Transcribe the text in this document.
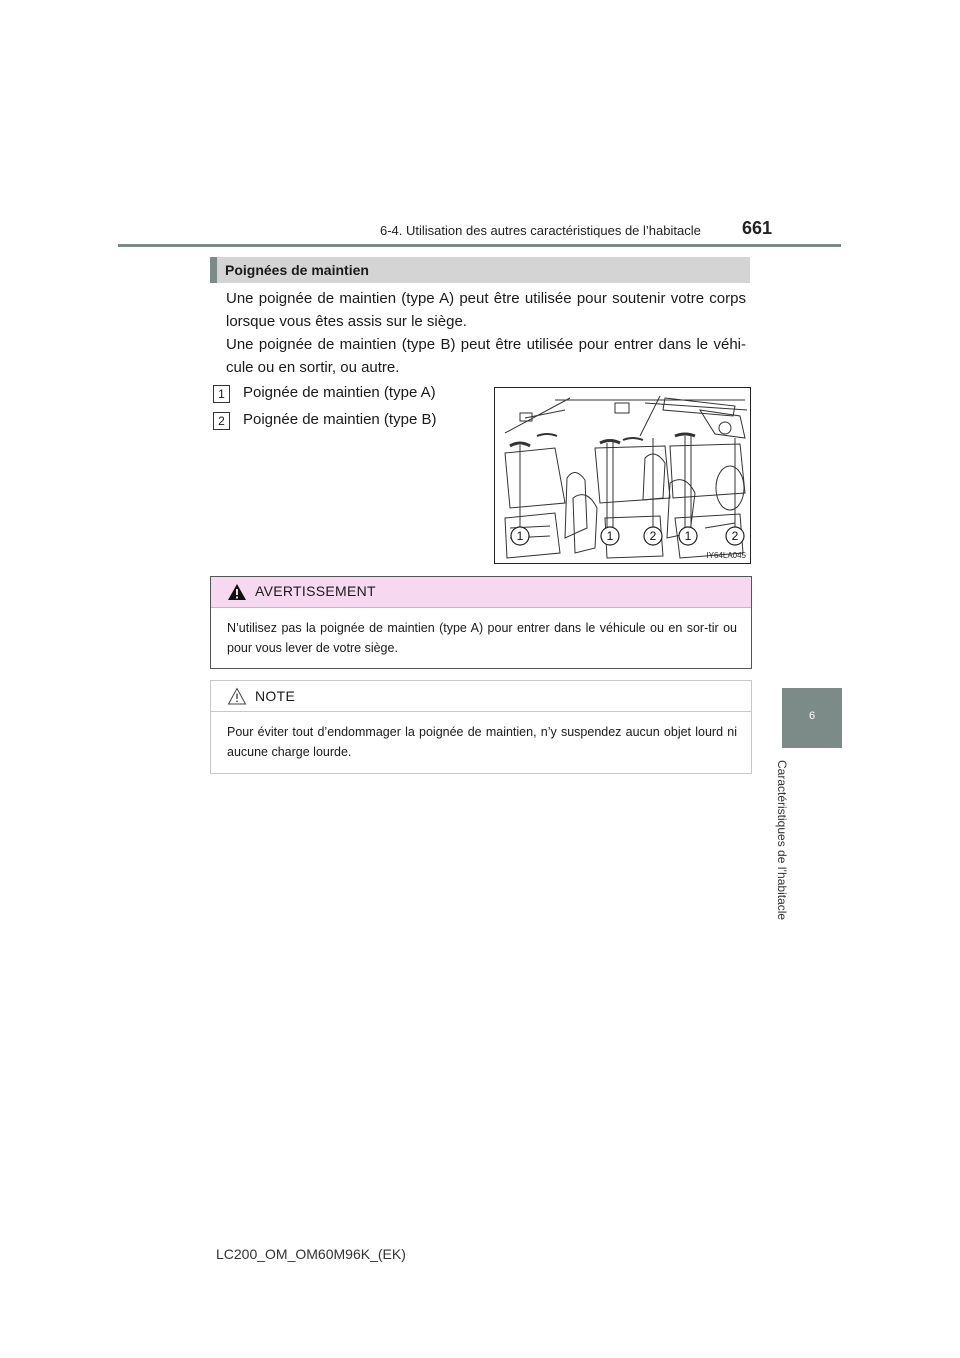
6-4. Utilisation des autres caractéristiques de l’habitacle 661
6
Caractéristiques de l’habitacle
Poignées de maintien
Une poignée de maintien (type A) peut être utilisée pour soutenir votre corps lorsque vous êtes assis sur le siège.
Une poignée de maintien (type B) peut être utilisée pour entrer dans le véhi-cule ou en sortir, ou autre.
1	Poignée de maintien (type A)
2	Poignée de maintien (type B)
1	1	2 1	2
IY64LA045
AVERTISSEMENT
N’utilisez pas la poignée de maintien (type A) pour entrer dans le véhicule ou en sor-tir ou pour vous lever de votre siège.
NOTE
Pour éviter tout d’endommager la poignée de maintien, n’y suspendez aucun objet lourd ni aucune charge lourde.
LC200_OM_OM60M96K_(EK)
